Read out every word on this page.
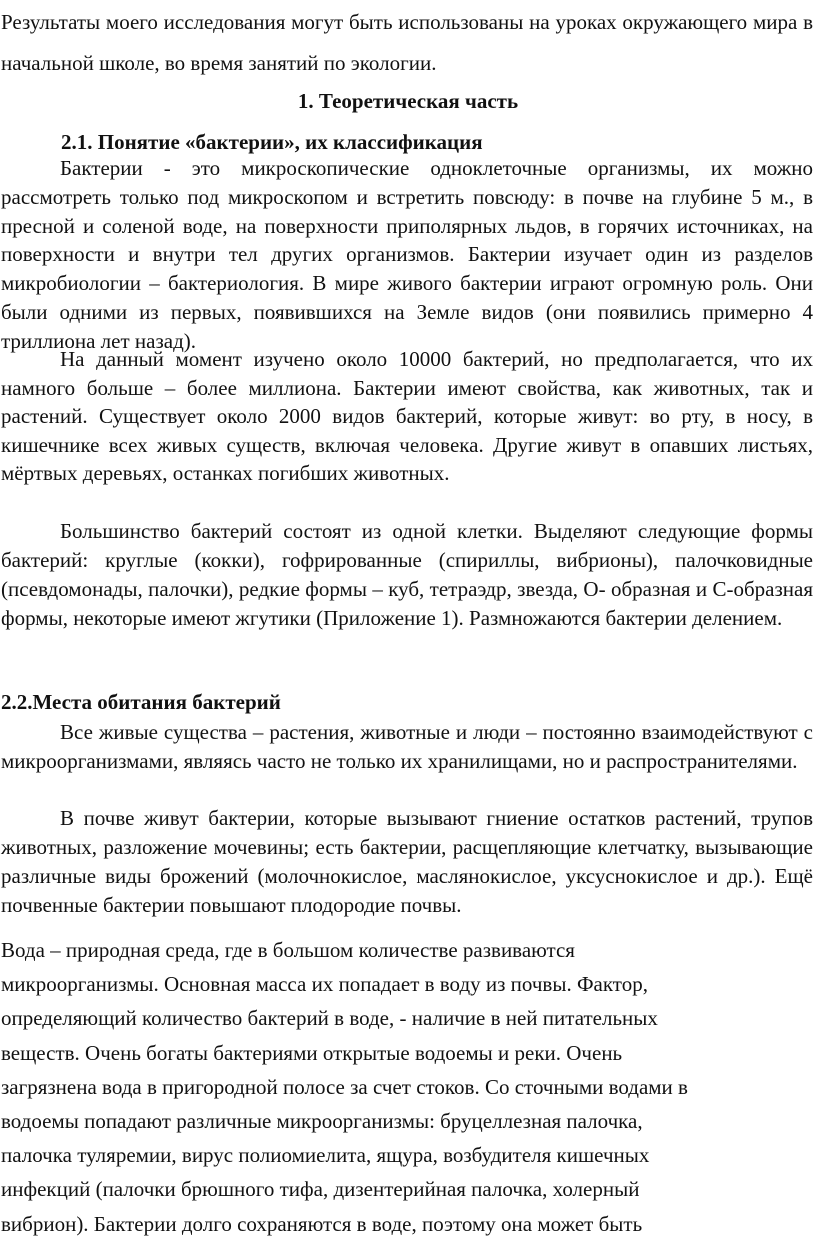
Результаты моего исследования могут быть использованы на уроках окружающего мира в начальной школе, во время занятий по экологии.

1. Теоретическая часть
2.1. Понятие «бактерии», их классификация

Бактерии - это микроскопические одноклеточные организмы, их можно рассмотреть только под микроскопом и встретить повсюду: в почве на глубине 5 м., в пресной и соленой воде, на поверхности приполярных льдов, в горячих источниках, на поверхности и внутри тел других организмов. Бактерии изучает один из разделов микробиологии – бактериология. В мире живого бактерии играют огромную роль. Они были одними из первых, появившихся на Земле видов (они появились примерно 4 триллиона лет назад).

На данный момент изучено около 10000 бактерий, но предполагается, что их намного больше – более миллиона. Бактерии имеют свойства, как животных, так и растений. Существует около 2000 видов бактерий, которые живут: во рту, в носу, в кишечнике всех живых существ, включая человека. Другие живут в опавших листьях, мёртвых деревьях, останках погибших животных.

Большинство бактерий состоят из одной клетки. Выделяют следующие формы бактерий: круглые (кокки), гофрированные (спириллы, вибрионы), палочковидные (псевдомонады, палочки), редкие формы – куб, тетраэдр, звезда, О- образная и С-образная формы, некоторые имеют жгутики (Приложение 1). Размножаются бактерии делением.

2.2.Места обитания бактерий

Все живые существа – растения, животные и люди – постоянно взаимодействуют с микроорганизмами, являясь часто не только их хранилищами, но и распространителями.

В почве живут бактерии, которые вызывают гниение остатков растений, трупов животных, разложение мочевины; есть бактерии, расщепляющие клетчатку, вызывающие различные виды брожений (молочнокислое, маслянокислое, уксуснокислое и др.). Ещё почвенные бактерии повышают плодородие почвы.

Вода – природная среда, где в большом количестве развиваются
микроорганизмы. Основная масса их попадает в воду из почвы. Фактор,
определяющий количество бактерий в воде, - наличие в ней питательных
веществ. Очень богаты бактериями открытые водоемы и реки. Очень
загрязнена вода в пригородной полосе за счет стоков. Со сточными водами в
водоемы попадают различные микроорганизмы: бруцеллезная палочка,
палочка туляремии, вирус полиомиелита, ящура, возбудителя кишечных
инфекций (палочки брюшного тифа, дизентерийная палочка, холерный
вибрион). Бактерии долго сохраняются в воде, поэтому она может быть
